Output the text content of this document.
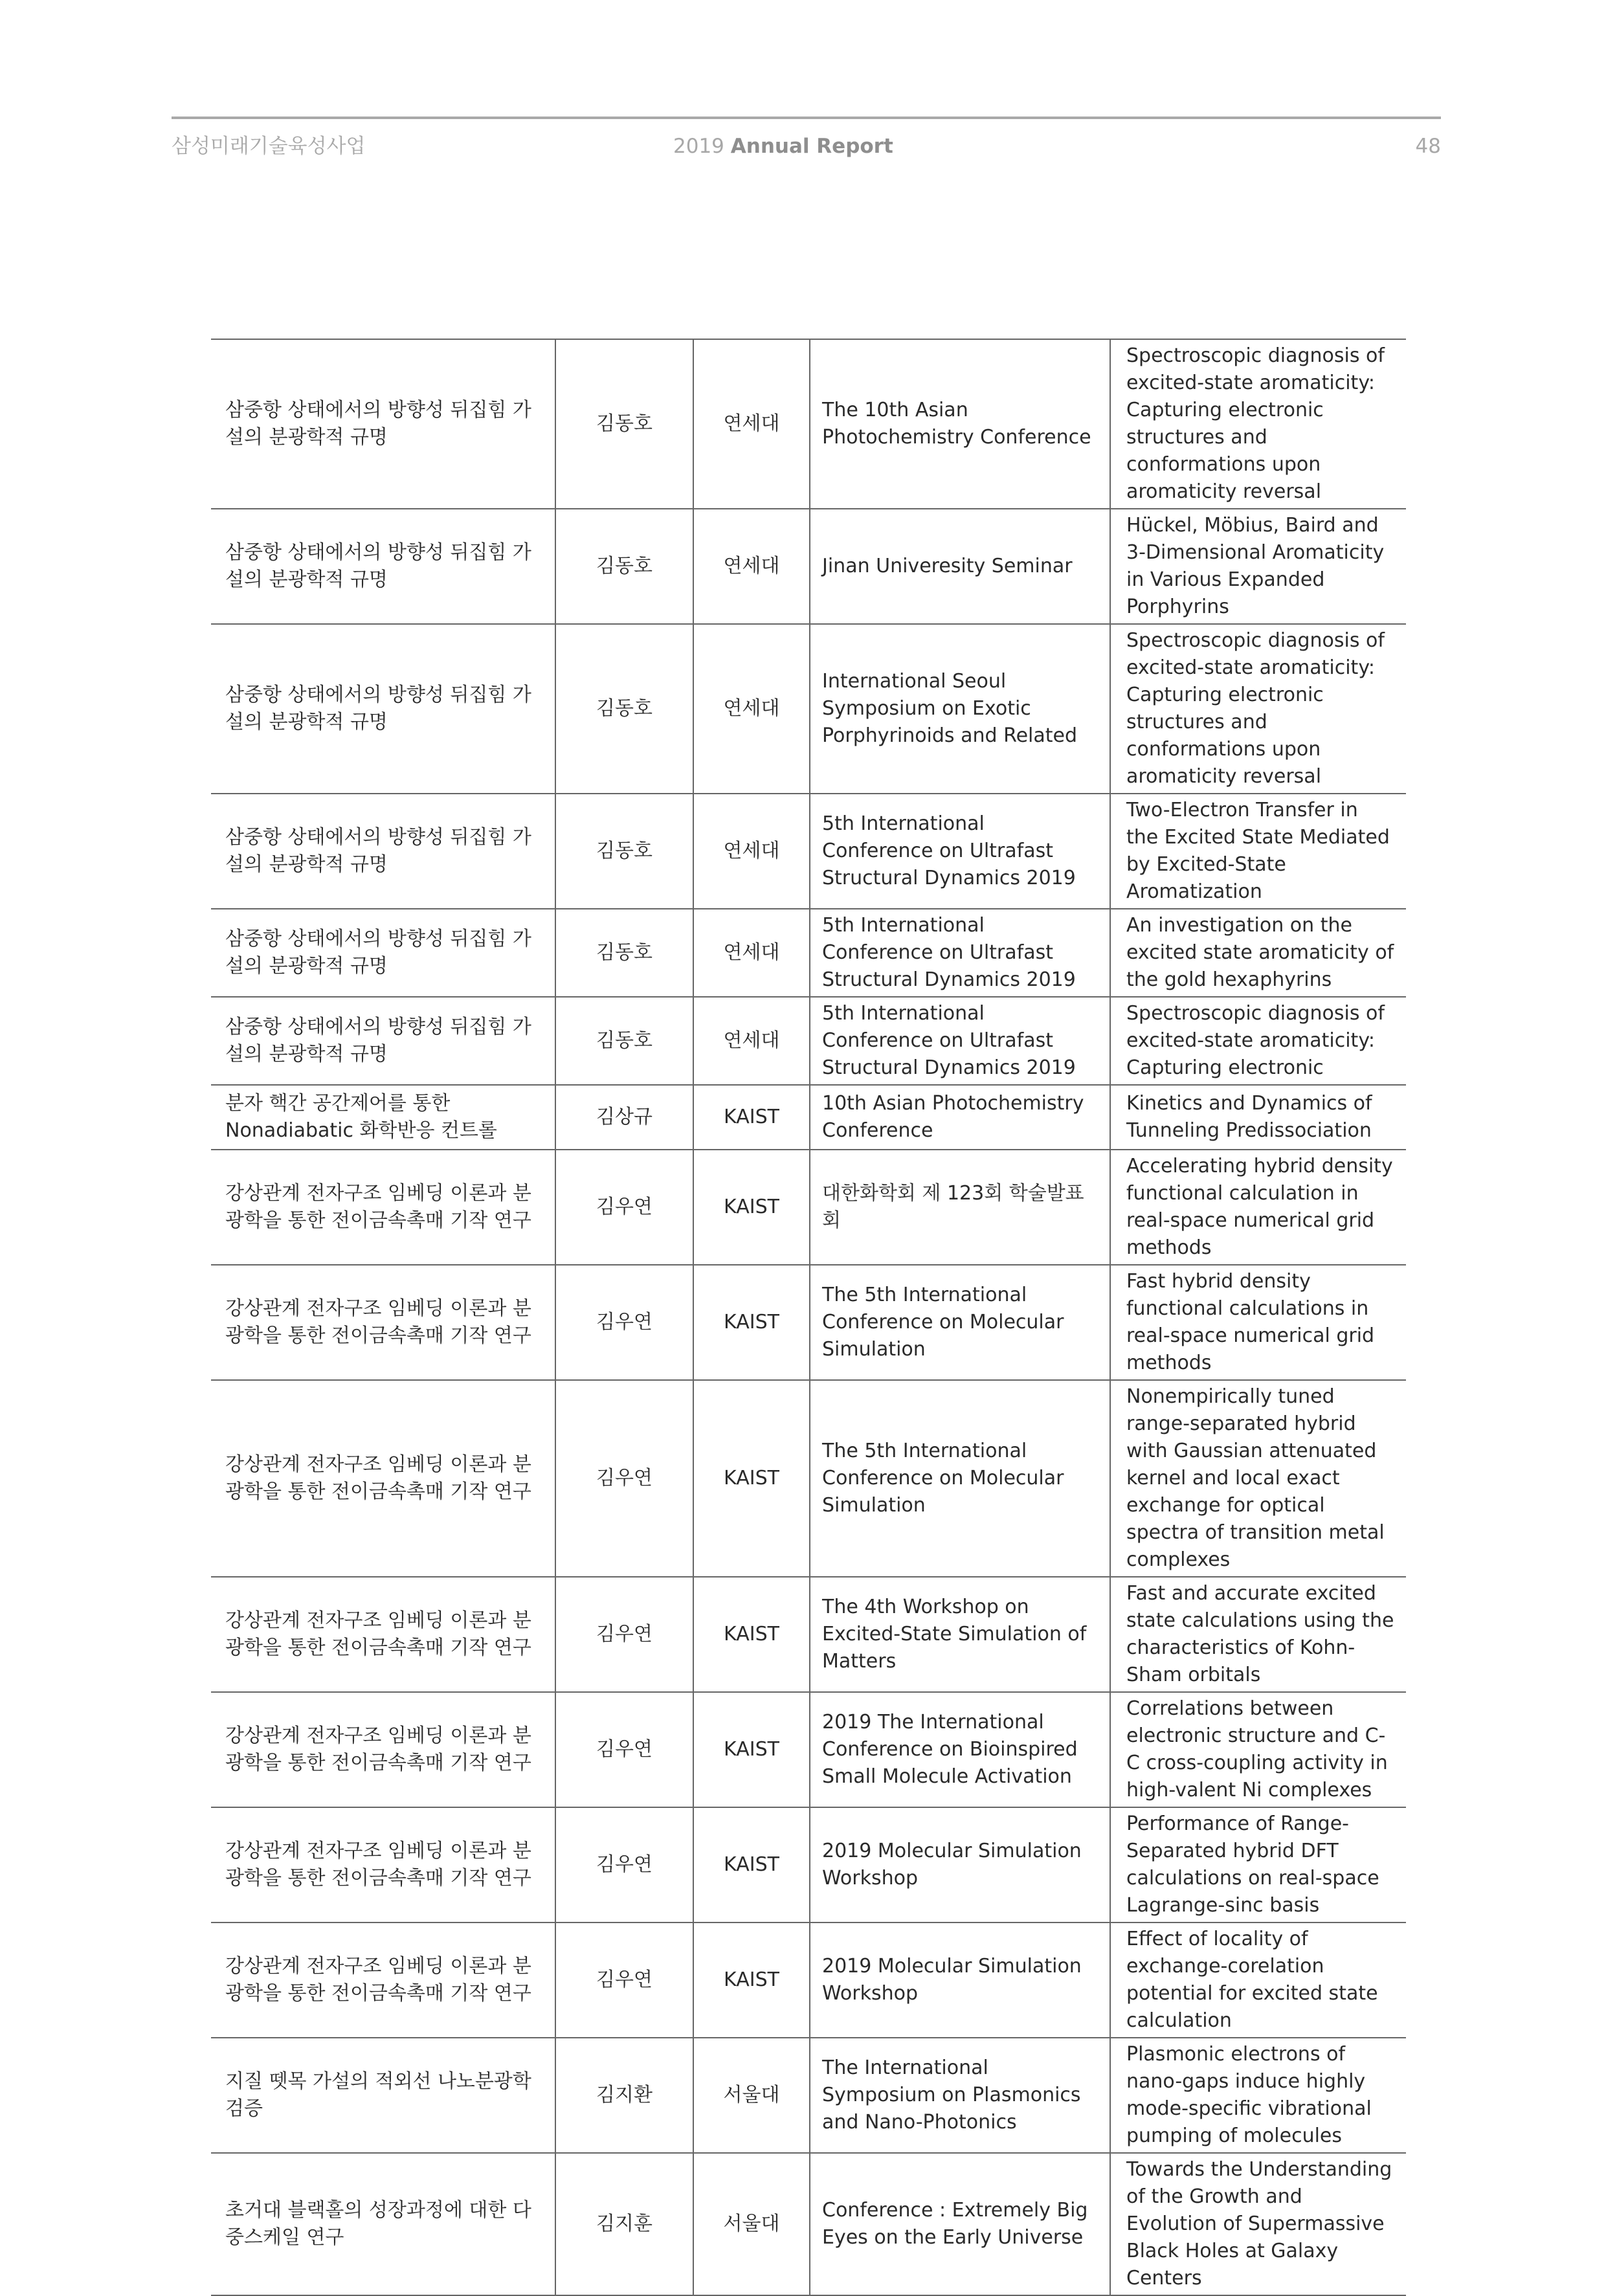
삼성미래기술육성사업	2019 Annual Report	48
삼중항 상태에서의 방향성 뒤집힘 가설의 분광학적 규명	김동호	연세대	The 10th Asian Photochemistry Conference	Spectroscopic diagnosis of excited-state aromaticity: Capturing electronic structures and conformations upon aromaticity reversal
삼중항 상태에서의 방향성 뒤집힘 가설의 분광학적 규명	김동호	연세대	Jinan Univeresity Seminar	Hückel, Möbius, Baird and 3-Dimensional Aromaticity in Various Expanded Porphyrins
삼중항 상태에서의 방향성 뒤집힘 가설의 분광학적 규명	김동호	연세대	International Seoul Symposium on Exotic Porphyrinoids and Related	Spectroscopic diagnosis of excited-state aromaticity: Capturing electronic structures and conformations upon aromaticity reversal
삼중항 상태에서의 방향성 뒤집힘 가설의 분광학적 규명	김동호	연세대	5th International Conference on Ultrafast Structural Dynamics 2019	Two-Electron Transfer in the Excited State Mediated by Excited-State Aromatization
삼중항 상태에서의 방향성 뒤집힘 가설의 분광학적 규명	김동호	연세대	5th International Conference on Ultrafast Structural Dynamics 2019	An investigation on the excited state aromaticity of the gold hexaphyrins
삼중항 상태에서의 방향성 뒤집힘 가설의 분광학적 규명	김동호	연세대	5th International Conference on Ultrafast Structural Dynamics 2019	Spectroscopic diagnosis of excited-state aromaticity: Capturing electronic
분자 핵간 공간제어를 통한 Nonadiabatic 화학반응 컨트롤	김상규	KAIST	10th Asian Photochemistry Conference	Kinetics and Dynamics of Tunneling Predissociation
강상관계 전자구조 임베딩 이론과 분광학을 통한 전이금속촉매 기작 연구	김우연	KAIST	대한화학회 제 123회 학술발표회	Accelerating hybrid density functional calculation in real-space numerical grid methods
강상관계 전자구조 임베딩 이론과 분광학을 통한 전이금속촉매 기작 연구	김우연	KAIST	The 5th International Conference on Molecular Simulation	Fast hybrid density functional calculations in real-space numerical grid methods
강상관계 전자구조 임베딩 이론과 분광학을 통한 전이금속촉매 기작 연구	김우연	KAIST	The 5th International Conference on Molecular Simulation	Nonempirically tuned range-separated hybrid with Gaussian attenuated kernel and local exact exchange for optical spectra of transition metal complexes
강상관계 전자구조 임베딩 이론과 분광학을 통한 전이금속촉매 기작 연구	김우연	KAIST	The 4th Workshop on Excited-State Simulation of Matters	Fast and accurate excited state calculations using the characteristics of Kohn-Sham orbitals
강상관계 전자구조 임베딩 이론과 분광학을 통한 전이금속촉매 기작 연구	김우연	KAIST	2019 The International Conference on Bioinspired Small Molecule Activation	Correlations between electronic structure and C-C cross-coupling activity in high-valent Ni complexes
강상관계 전자구조 임베딩 이론과 분광학을 통한 전이금속촉매 기작 연구	김우연	KAIST	2019 Molecular Simulation Workshop	Performance of Range-Separated hybrid DFT calculations on real-space Lagrange-sinc basis
강상관계 전자구조 임베딩 이론과 분광학을 통한 전이금속촉매 기작 연구	김우연	KAIST	2019 Molecular Simulation Workshop	Effect of locality of exchange-corelation potential for excited state calculation
지질 뗏목 가설의 적외선 나노분광학 검증	김지환	서울대	The International Symposium on Plasmonics and Nano-Photonics	Plasmonic electrons of nano-gaps induce highly mode-specific vibrational pumping of molecules
초거대 블랙홀의 성장과정에 대한 다중스케일 연구	김지훈	서울대	Conference : Extremely Big Eyes on the Early Universe	Towards the Understanding of the Growth and Evolution of Supermassive Black Holes at Galaxy Centers
